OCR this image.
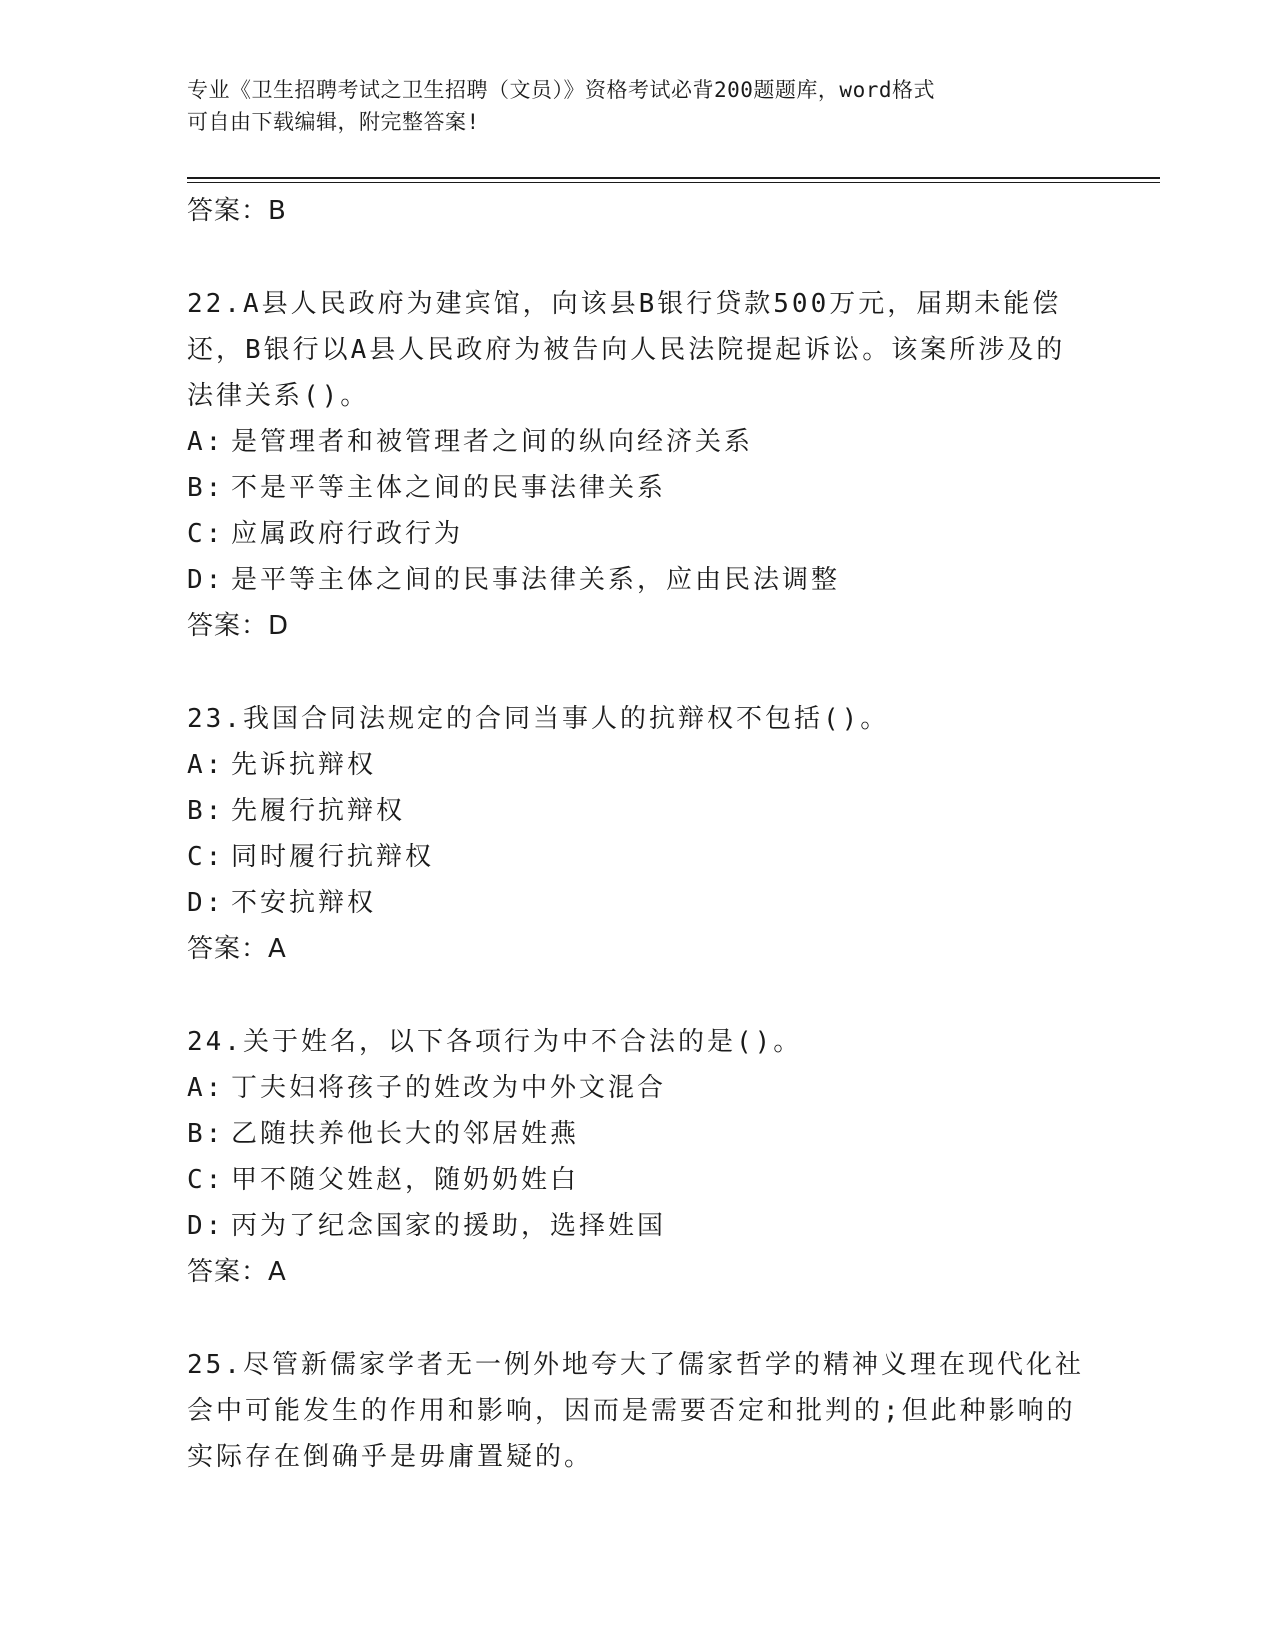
专业《卫生招聘考试之卫生招聘（文员）》资格考试必背200题题库，word格式
可自由下载编辑，附完整答案!
答案：B
22.A县人民政府为建宾馆，向该县B银行贷款500万元，届期未能偿还，B银行以A县人民政府为被告向人民法院提起诉讼。该案所涉及的法律关系()。
A: 是管理者和被管理者之间的纵向经济关系
B: 不是平等主体之间的民事法律关系
C: 应属政府行政行为
D: 是平等主体之间的民事法律关系，应由民法调整
答案：D
23.我国合同法规定的合同当事人的抗辩权不包括()。
A: 先诉抗辩权
B: 先履行抗辩权
C: 同时履行抗辩权
D: 不安抗辩权
答案：A
24.关于姓名，以下各项行为中不合法的是()。
A: 丁夫妇将孩子的姓改为中外文混合
B: 乙随扶养他长大的邻居姓燕
C: 甲不随父姓赵，随奶奶姓白
D: 丙为了纪念国家的援助，选择姓国
答案：A
25.尽管新儒家学者无一例外地夸大了儒家哲学的精神义理在现代化社会中可能发生的作用和影响，因而是需要否定和批判的;但此种影响的实际存在倒确乎是毋庸置疑的。
